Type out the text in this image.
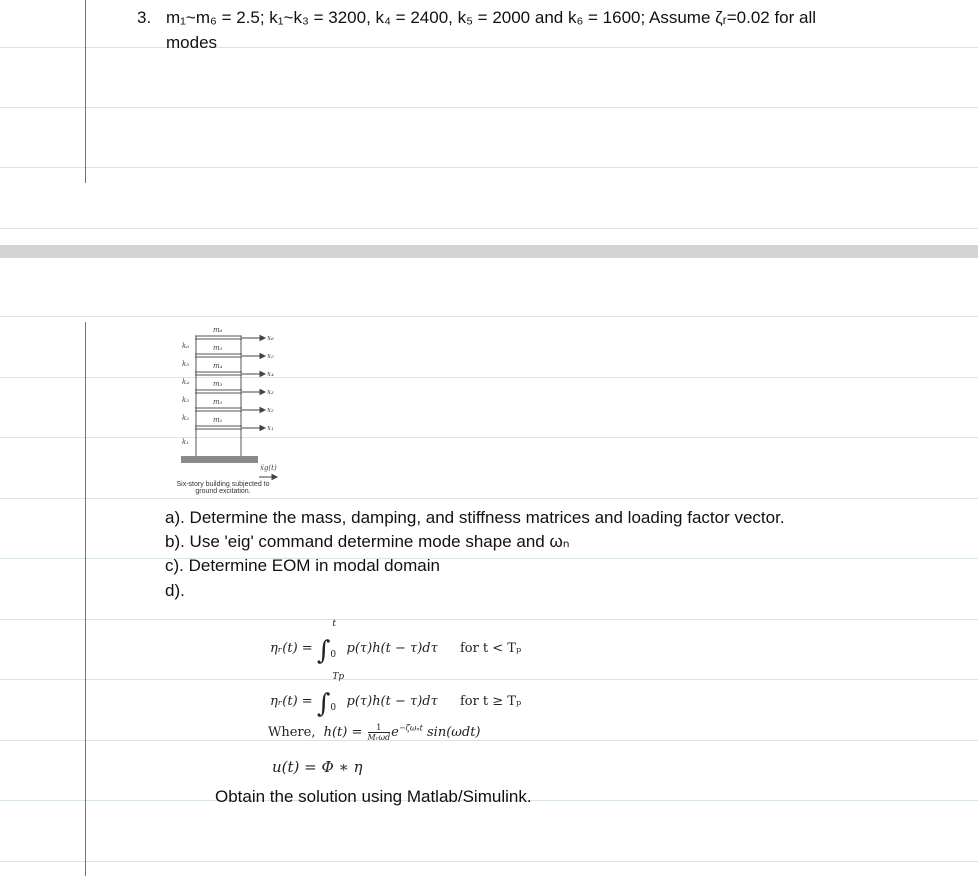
3. m₁~m₆ = 2.5; k₁~k₃ = 3200, k₄ = 2400, k₅ = 2000 and k₆ = 1600; Assume ζᵣ=0.02 for all
modes
m₆
m₅
m₄
m₃
m₂
m₁
k₆
k₅
k₄
k₃
k₂
k₁
x₆
x₅
x₄
x₃
x₂
x₁
ẍg(t)
Six-story building subjected to
ground excitation.
a). Determine the mass, damping, and stiffness matrices and loading factor vector.
b). Use 'eig' command determine mode shape and ωₙ
c). Determine EOM in modal domain
d).
ηᵣ(t) = ∫
t
0 p(τ)h(t − τ)dτ for t < Tₚ
ηᵣ(t) = ∫
Tp
0 p(τ)h(t − τ)dτ for t ≥ Tₚ
Where, $h(t) = \frac{1}{\text{Mᵣωd}} e^{-\zeta\omega_nt}$ sin(ωdt)
u(t) = Φ ∗ η
Obtain the solution using Matlab/Simulink.
